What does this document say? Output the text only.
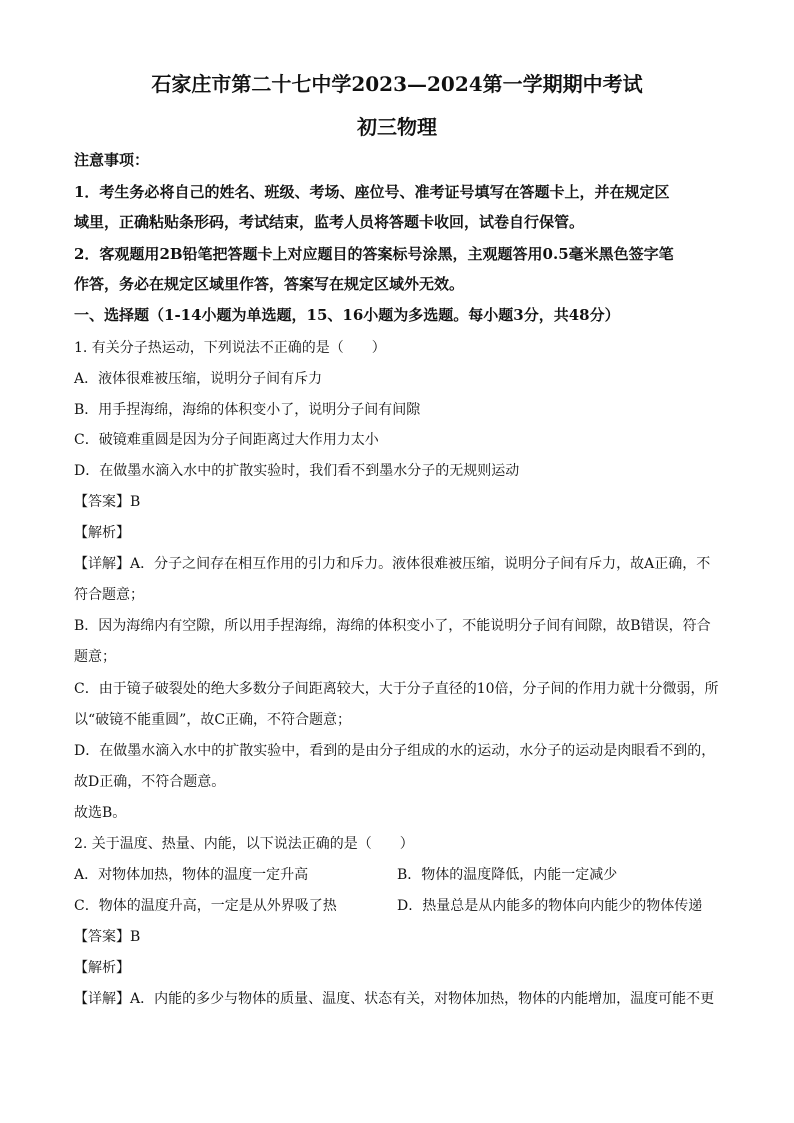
石家庄市第二十七中学2023—2024第一学期期中考试
初三物理
注意事项：
1．考生务必将自己的姓名、班级、考场、座位号、准考证号填写在答题卡上，并在规定区
域里，正确粘贴条形码，考试结束，监考人员将答题卡收回，试卷自行保管。
2．客观题用2B铅笔把答题卡上对应题目的答案标号涂黑，主观题答用0.5毫米黑色签字笔
作答，务必在规定区域里作答，答案写在规定区域外无效。
一、选择题（1-14小题为单选题，15、16小题为多选题。每小题3分，共48分）
1. 有关分子热运动，下列说法不正确的是（　　）
A．液体很难被压缩，说明分子间有斥力
B．用手捏海绵，海绵的体积变小了，说明分子间有间隙
C．破镜难重圆是因为分子间距离过大作用力太小
D．在做墨水滴入水中的扩散实验时，我们看不到墨水分子的无规则运动
【答案】B
【解析】
【详解】A．分子之间存在相互作用的引力和斥力。液体很难被压缩，说明分子间有斥力，故A正确，不
符合题意；
B．因为海绵内有空隙，所以用手捏海绵，海绵的体积变小了，不能说明分子间有间隙，故B错误，符合
题意；
C．由于镜子破裂处的绝大多数分子间距离较大，大于分子直径的10倍，分子间的作用力就十分微弱，所
以“破镜不能重圆”，故C正确，不符合题意；
D．在做墨水滴入水中的扩散实验中，看到的是由分子组成的水的运动，水分子的运动是肉眼看不到的，
故D正确，不符合题意。
故选B。
2. 关于温度、热量、内能，以下说法正确的是（　　）
A．对物体加热，物体的温度一定升高	B．物体的温度降低，内能一定减少
C．物体的温度升高，一定是从外界吸了热	D．热量总是从内能多的物体向内能少的物体传递
【答案】B
【解析】
【详解】A．内能的多少与物体的质量、温度、状态有关，对物体加热，物体的内能增加，温度可能不更
